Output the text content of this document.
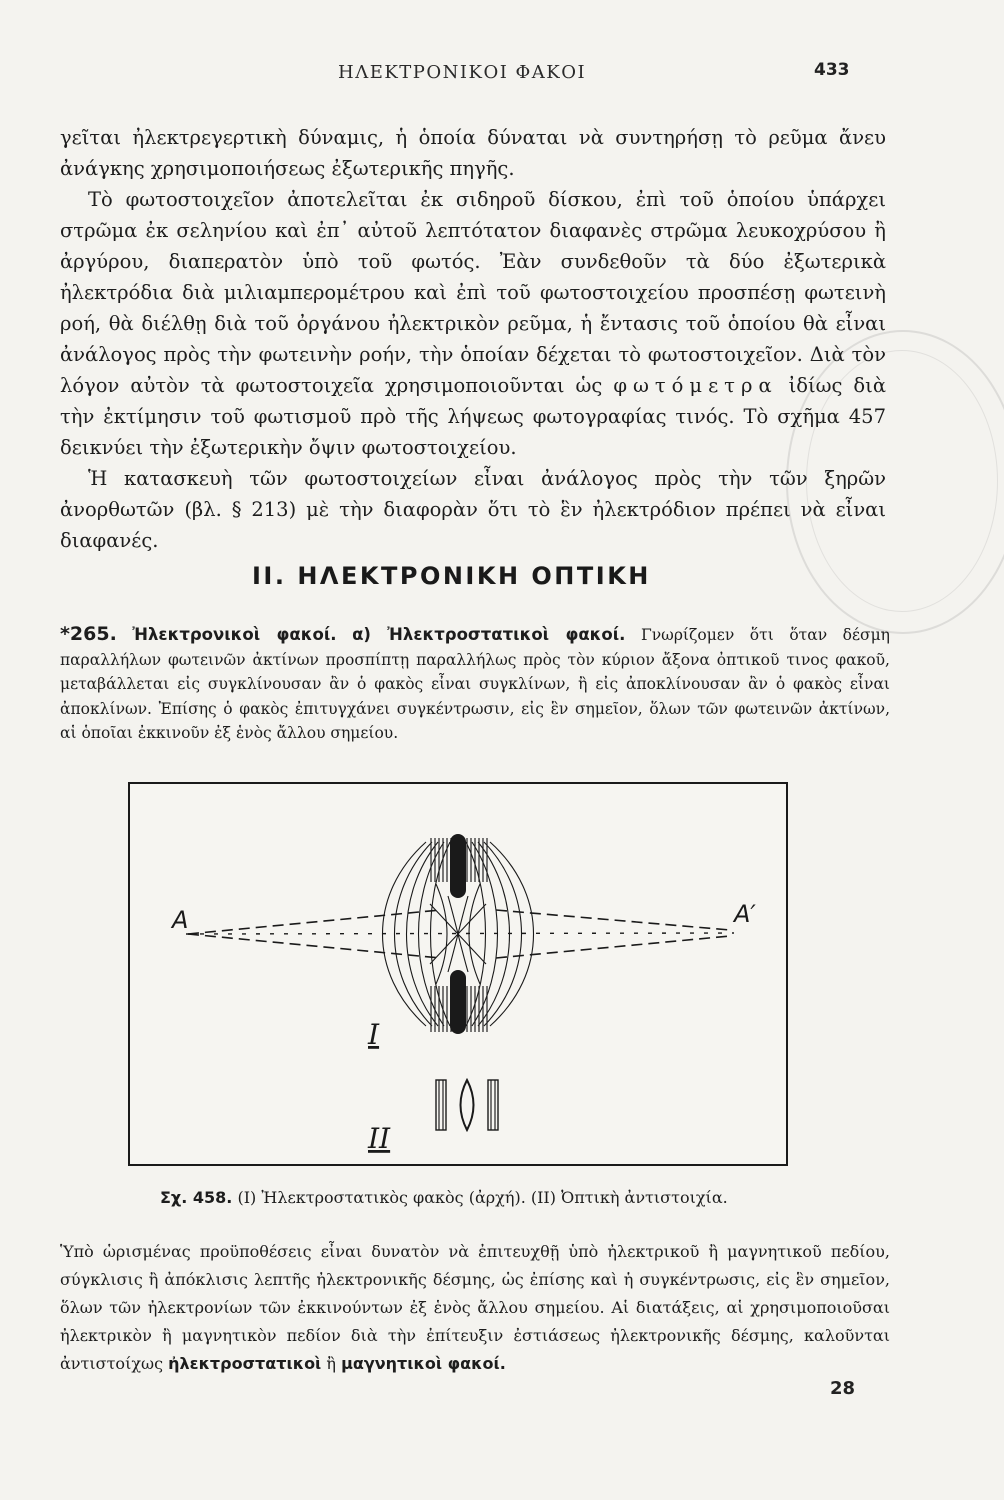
ΗΛΕΚΤΡΟΝΙΚΟΙ ΦΑΚΟΙ	433

γεῖται ἠλεκτρεγερτικὴ δύναμις, ἡ ὁποία δύναται νὰ συντηρήσῃ τὸ ρεῦμα ἄνευ ἀνάγκης χρησιμοποιήσεως ἐξωτερικῆς πηγῆς.

Τὸ φωτοστοιχεῖον ἀποτελεῖται ἐκ σιδηροῦ δίσκου, ἐπὶ τοῦ ὁποίου ὑπάρχει στρῶμα ἐκ σεληνίου καὶ ἐπ᾿ αὐτοῦ λεπτότατον διαφανὲς στρῶμα λευκοχρύσου ἢ ἀργύρου, διαπερατὸν ὑπὸ τοῦ φωτός. Ἐὰν συνδεθοῦν τὰ δύο ἐξωτερικὰ ἠλεκτρόδια διὰ μιλιαμπερομέτρου καὶ ἐπὶ τοῦ φωτοστοιχείου προσπέσῃ φωτεινὴ ροή, θὰ διέλθῃ διὰ τοῦ ὀργάνου ἠλεκτρικὸν ρεῦμα, ἡ ἔντασις τοῦ ὁποίου θὰ εἶναι ἀνάλογος πρὸς τὴν φωτεινὴν ροήν, τὴν ὁποίαν δέχεται τὸ φωτοστοιχεῖον. Διὰ τὸν λόγον αὐτὸν τὰ φωτοστοιχεῖα χρησιμοποιοῦνται ὡς φωτόμετρα ἰδίως διὰ τὴν ἐκτίμησιν τοῦ φωτισμοῦ πρὸ τῆς λήψεως φωτογραφίας τινός. Τὸ σχῆμα 457 δεικνύει τὴν ἐξωτερικὴν ὄψιν φωτοστοιχείου.

Ἡ κατασκευὴ τῶν φωτοστοιχείων εἶναι ἀνάλογος πρὸς τὴν τῶν ξηρῶν ἀνορθωτῶν (βλ. § 213) μὲ τὴν διαφορὰν ὅτι τὸ ἓν ἠλεκτρόδιον πρέπει νὰ εἶναι διαφανές.

II. ΗΛΕΚΤΡΟΝΙΚΗ ΟΠΤΙΚΗ
*265. Ἠλεκτρονικοὶ φακοί. α) Ἠλεκτροστατικοὶ φακοί. Γνωρίζομεν ὅτι ὅταν δέσμη παραλλήλων φωτεινῶν ἀκτίνων προσπίπτῃ παραλλήλως πρὸς τὸν κύριον ἄξονα ὀπτικοῦ τινος φακοῦ, μεταβάλλεται εἰς συγκλίνουσαν ἂν ὁ φακὸς εἶναι συγκλίνων, ἢ εἰς ἀποκλίνουσαν ἂν ὁ φακὸς εἶναι ἀποκλίνων. Ἐπίσης ὁ φακὸς ἐπιτυγχάνει συγκέντρωσιν, εἰς ἓν σημεῖον, ὅλων τῶν φωτεινῶν ἀκτίνων, αἱ ὁποῖαι ἐκκινοῦν ἐξ ἑνὸς ἄλλου σημείου.
A	A′
I
II
Σχ. 458. (I) Ἠλεκτροστατικὸς φακὸς (ἀρχή). (II) Ὀπτικὴ ἀντιστοιχία.
Ὑπὸ ὡρισμένας προϋποθέσεις εἶναι δυνατὸν νὰ ἐπιτευχθῇ ὑπὸ ἠλεκτρικοῦ ἢ μαγνητικοῦ πεδίου, σύγκλισις ἢ ἀπόκλισις λεπτῆς ἠλεκτρονικῆς δέσμης, ὡς ἐπίσης καὶ ἡ συγκέντρωσις, εἰς ἓν σημεῖον, ὅλων τῶν ἠλεκτρονίων τῶν ἐκκινούντων ἐξ ἑνὸς ἄλλου σημείου. Αἱ διατάξεις, αἱ χρησιμοποιοῦσαι ἠλεκτρικὸν ἢ μαγνητικὸν πεδίον διὰ τὴν ἐπίτευξιν ἐστιάσεως ἠλεκτρονικῆς δέσμης, καλοῦνται ἀντιστοίχως ἠλεκτροστατικοὶ ἢ μαγνητικοὶ φακοί.
28
